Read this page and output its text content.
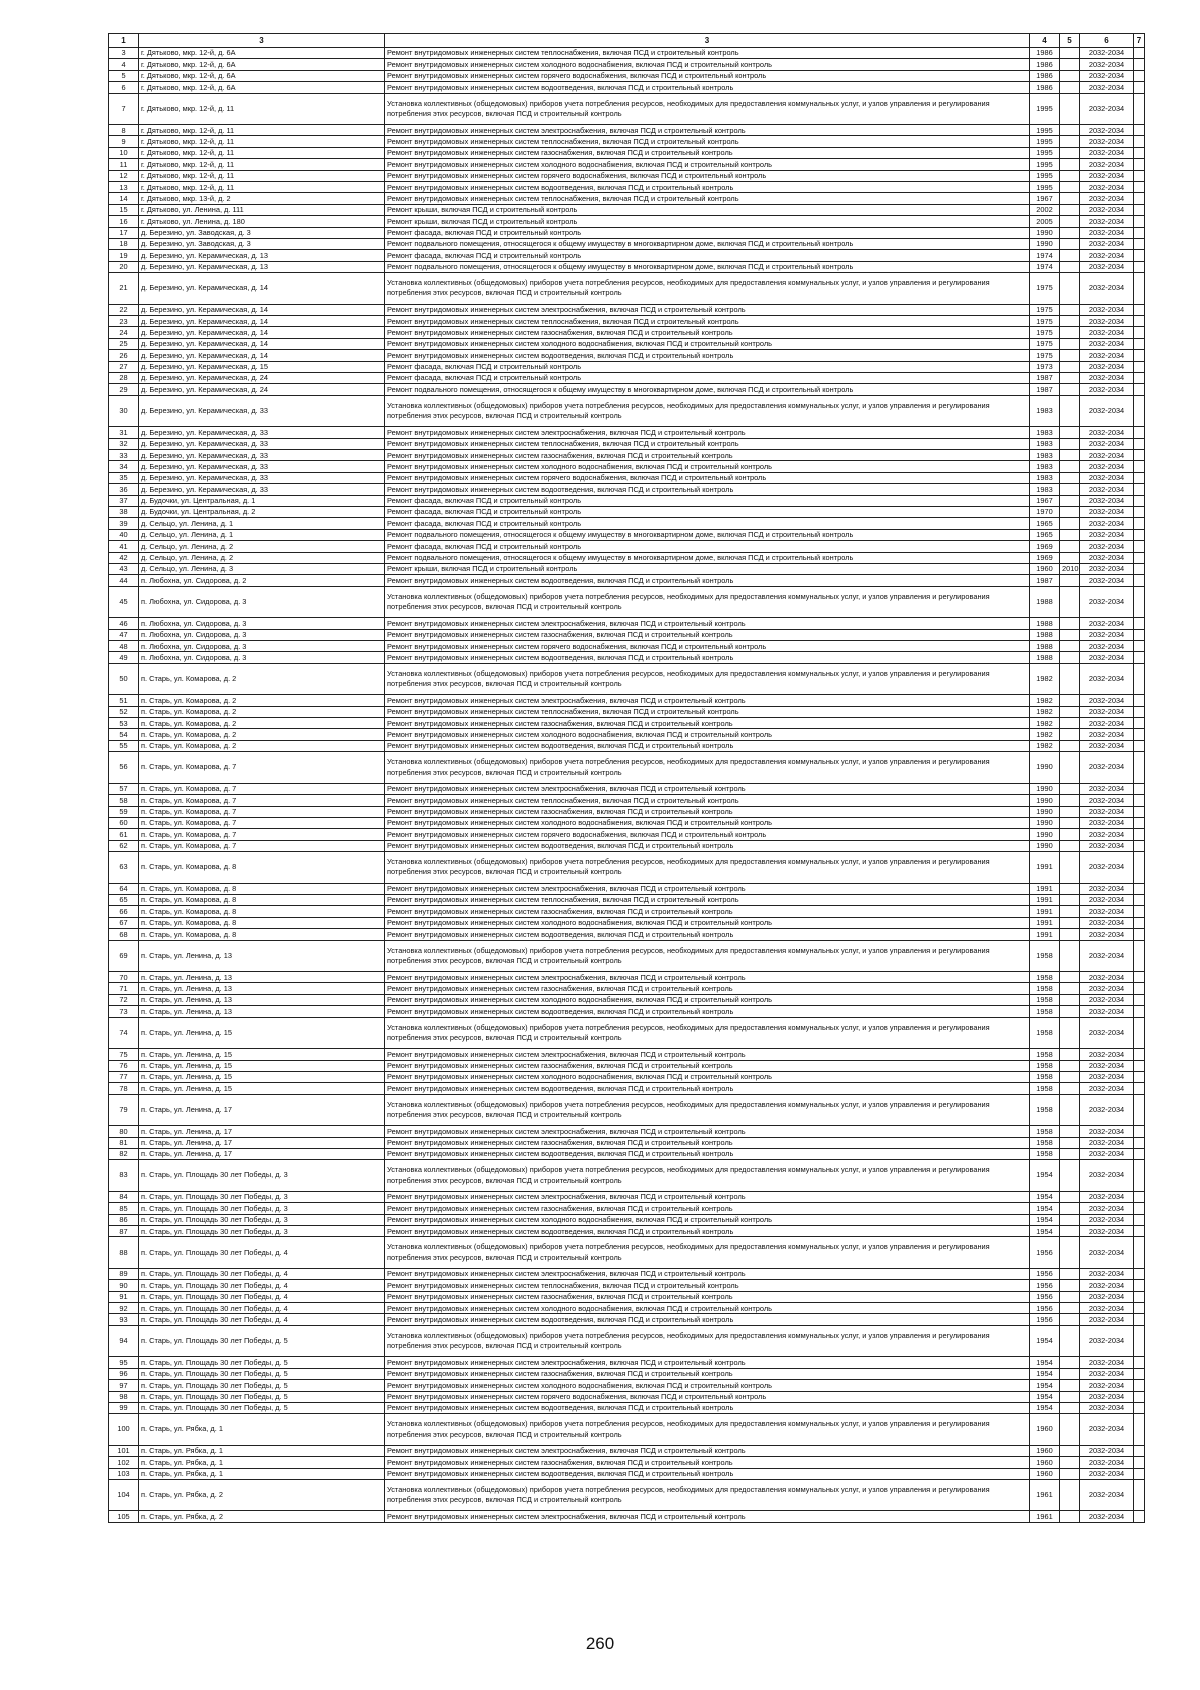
1	3	3	4	5	6	7
3	г. Дятьково, мкр. 12-й, д. 6А	Ремонт внутридомовых инженерных систем теплоснабжения, включая ПСД и строительный контроль	1986		2032-2034	
4	г. Дятьково, мкр. 12-й, д. 6А	Ремонт внутридомовых инженерных систем холодного водоснабжения, включая ПСД и строительный контроль	1986		2032-2034	
5	г. Дятьково, мкр. 12-й, д. 6А	Ремонт внутридомовых инженерных систем горячего водоснабжения, включая ПСД и строительный контроль	1986		2032-2034	
6	г. Дятьково, мкр. 12-й, д. 6А	Ремонт внутридомовых инженерных систем водоотведения, включая ПСД и строительный контроль	1986		2032-2034	
7	г. Дятьково, мкр. 12-й, д. 11	Установка коллективных (общедомовых) приборов учета потребления ресурсов, необходимых для предоставления коммунальных услуг, и узлов управления и регулирования потребления этих ресурсов, включая ПСД и строительный контроль	1995		2032-2034	
8	г. Дятьково, мкр. 12-й, д. 11	Ремонт внутридомовых инженерных систем электроснабжения, включая ПСД и строительный контроль	1995		2032-2034	
9	г. Дятьково, мкр. 12-й, д. 11	Ремонт внутридомовых инженерных систем теплоснабжения, включая ПСД и строительный контроль	1995		2032-2034	
10	г. Дятьково, мкр. 12-й, д. 11	Ремонт внутридомовых инженерных систем газоснабжения, включая ПСД и строительный контроль	1995		2032-2034	
11	г. Дятьково, мкр. 12-й, д. 11	Ремонт внутридомовых инженерных систем холодного водоснабжения, включая ПСД и строительный контроль	1995		2032-2034	
12	г. Дятьково, мкр. 12-й, д. 11	Ремонт внутридомовых инженерных систем горячего водоснабжения, включая ПСД и строительный контроль	1995		2032-2034	
13	г. Дятьково, мкр. 12-й, д. 11	Ремонт внутридомовых инженерных систем водоотведения, включая ПСД и строительный контроль	1995		2032-2034	
14	г. Дятьково, мкр. 13-й, д. 2	Ремонт внутридомовых инженерных систем теплоснабжения, включая ПСД и строительный контроль	1967		2032-2034	
15	г. Дятьково, ул. Ленина, д. 111	Ремонт крыши, включая ПСД и строительный контроль	2002		2032-2034	
16	г. Дятьково, ул. Ленина, д. 180	Ремонт крыши, включая ПСД и строительный контроль	2005		2032-2034	
17	д. Березино, ул. Заводская, д. 3	Ремонт фасада, включая ПСД и строительный контроль	1990		2032-2034	
18	д. Березино, ул. Заводская, д. 3	Ремонт подвального помещения, относящегося к общему имуществу в многоквартирном доме, включая ПСД и строительный контроль	1990		2032-2034	
19	д. Березино, ул. Керамическая, д. 13	Ремонт фасада, включая ПСД и строительный контроль	1974		2032-2034	
20	д. Березино, ул. Керамическая, д. 13	Ремонт подвального помещения, относящегося к общему имуществу в многоквартирном доме, включая ПСД и строительный контроль	1974		2032-2034	
21	д. Березино, ул. Керамическая, д. 14	Установка коллективных (общедомовых) приборов учета потребления ресурсов, необходимых для предоставления коммунальных услуг, и узлов управления и регулирования потребления этих ресурсов, включая ПСД и строительный контроль	1975		2032-2034	
22	д. Березино, ул. Керамическая, д. 14	Ремонт внутридомовых инженерных систем электроснабжения, включая ПСД и строительный контроль	1975		2032-2034	
23	д. Березино, ул. Керамическая, д. 14	Ремонт внутридомовых инженерных систем теплоснабжения, включая ПСД и строительный контроль	1975		2032-2034	
24	д. Березино, ул. Керамическая, д. 14	Ремонт внутридомовых инженерных систем газоснабжения, включая ПСД и строительный контроль	1975		2032-2034	
25	д. Березино, ул. Керамическая, д. 14	Ремонт внутридомовых инженерных систем холодного водоснабжения, включая ПСД и строительный контроль	1975		2032-2034	
26	д. Березино, ул. Керамическая, д. 14	Ремонт внутридомовых инженерных систем водоотведения, включая ПСД и строительный контроль	1975		2032-2034	
27	д. Березино, ул. Керамическая, д. 15	Ремонт фасада, включая ПСД и строительный контроль	1973		2032-2034	
28	д. Березино, ул. Керамическая, д. 24	Ремонт фасада, включая ПСД и строительный контроль	1987		2032-2034	
29	д. Березино, ул. Керамическая, д. 24	Ремонт подвального помещения, относящегося к общему имуществу в многоквартирном доме, включая ПСД и строительный контроль	1987		2032-2034	
30	д. Березино, ул. Керамическая, д. 33	Установка коллективных (общедомовых) приборов учета потребления ресурсов, необходимых для предоставления коммунальных услуг, и узлов управления и регулирования потребления этих ресурсов, включая ПСД и строительный контроль	1983		2032-2034	
31	д. Березино, ул. Керамическая, д. 33	Ремонт внутридомовых инженерных систем электроснабжения, включая ПСД и строительный контроль	1983		2032-2034	
32	д. Березино, ул. Керамическая, д. 33	Ремонт внутридомовых инженерных систем теплоснабжения, включая ПСД и строительный контроль	1983		2032-2034	
33	д. Березино, ул. Керамическая, д. 33	Ремонт внутридомовых инженерных систем газоснабжения, включая ПСД и строительный контроль	1983		2032-2034	
34	д. Березино, ул. Керамическая, д. 33	Ремонт внутридомовых инженерных систем холодного водоснабжения, включая ПСД и строительный контроль	1983		2032-2034	
35	д. Березино, ул. Керамическая, д. 33	Ремонт внутридомовых инженерных систем горячего водоснабжения, включая ПСД и строительный контроль	1983		2032-2034	
36	д. Березино, ул. Керамическая, д. 33	Ремонт внутридомовых инженерных систем водоотведения, включая ПСД и строительный контроль	1983		2032-2034	
37	д. Будочки, ул. Центральная, д. 1	Ремонт фасада, включая ПСД и строительный контроль	1967		2032-2034	
38	д. Будочки, ул. Центральная, д. 2	Ремонт фасада, включая ПСД и строительный контроль	1970		2032-2034	
39	д. Сельцо, ул. Ленина, д. 1	Ремонт фасада, включая ПСД и строительный контроль	1965		2032-2034	
40	д. Сельцо, ул. Ленина, д. 1	Ремонт подвального помещения, относящегося к общему имуществу в многоквартирном доме, включая ПСД и строительный контроль	1965		2032-2034	
41	д. Сельцо, ул. Ленина, д. 2	Ремонт фасада, включая ПСД и строительный контроль	1969		2032-2034	
42	д. Сельцо, ул. Ленина, д. 2	Ремонт подвального помещения, относящегося к общему имуществу в многоквартирном доме, включая ПСД и строительный контроль	1969		2032-2034	
43	д. Сельцо, ул. Ленина, д. 3	Ремонт крыши, включая ПСД и строительный контроль	1960	2010	2032-2034	
44	п. Любохна, ул. Сидорова, д. 2	Ремонт внутридомовых инженерных систем водоотведения, включая ПСД и строительный контроль	1987		2032-2034	
45	п. Любохна, ул. Сидорова, д. 3	Установка коллективных (общедомовых) приборов учета потребления ресурсов, необходимых для предоставления коммунальных услуг, и узлов управления и регулирования потребления этих ресурсов, включая ПСД и строительный контроль	1988		2032-2034	
46	п. Любохна, ул. Сидорова, д. 3	Ремонт внутридомовых инженерных систем электроснабжения, включая ПСД и строительный контроль	1988		2032-2034	
47	п. Любохна, ул. Сидорова, д. 3	Ремонт внутридомовых инженерных систем газоснабжения, включая ПСД и строительный контроль	1988		2032-2034	
48	п. Любохна, ул. Сидорова, д. 3	Ремонт внутридомовых инженерных систем горячего водоснабжения, включая ПСД и строительный контроль	1988		2032-2034	
49	п. Любохна, ул. Сидорова, д. 3	Ремонт внутридомовых инженерных систем водоотведения, включая ПСД и строительный контроль	1988		2032-2034	
50	п. Старь, ул. Комарова, д. 2	Установка коллективных (общедомовых) приборов учета потребления ресурсов, необходимых для предоставления коммунальных услуг, и узлов управления и регулирования потребления этих ресурсов, включая ПСД и строительный контроль	1982		2032-2034	
51	п. Старь, ул. Комарова, д. 2	Ремонт внутридомовых инженерных систем электроснабжения, включая ПСД и строительный контроль	1982		2032-2034	
52	п. Старь, ул. Комарова, д. 2	Ремонт внутридомовых инженерных систем теплоснабжения, включая ПСД и строительный контроль	1982		2032-2034	
53	п. Старь, ул. Комарова, д. 2	Ремонт внутридомовых инженерных систем газоснабжения, включая ПСД и строительный контроль	1982		2032-2034	
54	п. Старь, ул. Комарова, д. 2	Ремонт внутридомовых инженерных систем холодного водоснабжения, включая ПСД и строительный контроль	1982		2032-2034	
55	п. Старь, ул. Комарова, д. 2	Ремонт внутридомовых инженерных систем водоотведения, включая ПСД и строительный контроль	1982		2032-2034	
56	п. Старь, ул. Комарова, д. 7	Установка коллективных (общедомовых) приборов учета потребления ресурсов, необходимых для предоставления коммунальных услуг, и узлов управления и регулирования потребления этих ресурсов, включая ПСД и строительный контроль	1990		2032-2034	
57	п. Старь, ул. Комарова, д. 7	Ремонт внутридомовых инженерных систем электроснабжения, включая ПСД и строительный контроль	1990		2032-2034	
58	п. Старь, ул. Комарова, д. 7	Ремонт внутридомовых инженерных систем теплоснабжения, включая ПСД и строительный контроль	1990		2032-2034	
59	п. Старь, ул. Комарова, д. 7	Ремонт внутридомовых инженерных систем газоснабжения, включая ПСД и строительный контроль	1990		2032-2034	
60	п. Старь, ул. Комарова, д. 7	Ремонт внутридомовых инженерных систем холодного водоснабжения, включая ПСД и строительный контроль	1990		2032-2034	
61	п. Старь, ул. Комарова, д. 7	Ремонт внутридомовых инженерных систем горячего водоснабжения, включая ПСД и строительный контроль	1990		2032-2034	
62	п. Старь, ул. Комарова, д. 7	Ремонт внутридомовых инженерных систем водоотведения, включая ПСД и строительный контроль	1990		2032-2034	
63	п. Старь, ул. Комарова, д. 8	Установка коллективных (общедомовых) приборов учета потребления ресурсов, необходимых для предоставления коммунальных услуг, и узлов управления и регулирования потребления этих ресурсов, включая ПСД и строительный контроль	1991		2032-2034	
64	п. Старь, ул. Комарова, д. 8	Ремонт внутридомовых инженерных систем электроснабжения, включая ПСД и строительный контроль	1991		2032-2034	
65	п. Старь, ул. Комарова, д. 8	Ремонт внутридомовых инженерных систем теплоснабжения, включая ПСД и строительный контроль	1991		2032-2034	
66	п. Старь, ул. Комарова, д. 8	Ремонт внутридомовых инженерных систем газоснабжения, включая ПСД и строительный контроль	1991		2032-2034	
67	п. Старь, ул. Комарова, д. 8	Ремонт внутридомовых инженерных систем холодного водоснабжения, включая ПСД и строительный контроль	1991		2032-2034	
68	п. Старь, ул. Комарова, д. 8	Ремонт внутридомовых инженерных систем водоотведения, включая ПСД и строительный контроль	1991		2032-2034	
69	п. Старь, ул. Ленина, д. 13	Установка коллективных (общедомовых) приборов учета потребления ресурсов, необходимых для предоставления коммунальных услуг, и узлов управления и регулирования потребления этих ресурсов, включая ПСД и строительный контроль	1958		2032-2034	
70	п. Старь, ул. Ленина, д. 13	Ремонт внутридомовых инженерных систем электроснабжения, включая ПСД и строительный контроль	1958		2032-2034	
71	п. Старь, ул. Ленина, д. 13	Ремонт внутридомовых инженерных систем газоснабжения, включая ПСД и строительный контроль	1958		2032-2034	
72	п. Старь, ул. Ленина, д. 13	Ремонт внутридомовых инженерных систем холодного водоснабжения, включая ПСД и строительный контроль	1958		2032-2034	
73	п. Старь, ул. Ленина, д. 13	Ремонт внутридомовых инженерных систем водоотведения, включая ПСД и строительный контроль	1958		2032-2034	
74	п. Старь, ул. Ленина, д. 15	Установка коллективных (общедомовых) приборов учета потребления ресурсов, необходимых для предоставления коммунальных услуг, и узлов управления и регулирования потребления этих ресурсов, включая ПСД и строительный контроль	1958		2032-2034	
75	п. Старь, ул. Ленина, д. 15	Ремонт внутридомовых инженерных систем электроснабжения, включая ПСД и строительный контроль	1958		2032-2034	
76	п. Старь, ул. Ленина, д. 15	Ремонт внутридомовых инженерных систем газоснабжения, включая ПСД и строительный контроль	1958		2032-2034	
77	п. Старь, ул. Ленина, д. 15	Ремонт внутридомовых инженерных систем холодного водоснабжения, включая ПСД и строительный контроль	1958		2032-2034	
78	п. Старь, ул. Ленина, д. 15	Ремонт внутридомовых инженерных систем водоотведения, включая ПСД и строительный контроль	1958		2032-2034	
79	п. Старь, ул. Ленина, д. 17	Установка коллективных (общедомовых) приборов учета потребления ресурсов, необходимых для предоставления коммунальных услуг, и узлов управления и регулирования потребления этих ресурсов, включая ПСД и строительный контроль	1958		2032-2034	
80	п. Старь, ул. Ленина, д. 17	Ремонт внутридомовых инженерных систем электроснабжения, включая ПСД и строительный контроль	1958		2032-2034	
81	п. Старь, ул. Ленина, д. 17	Ремонт внутридомовых инженерных систем газоснабжения, включая ПСД и строительный контроль	1958		2032-2034	
82	п. Старь, ул. Ленина, д. 17	Ремонт внутридомовых инженерных систем водоотведения, включая ПСД и строительный контроль	1958		2032-2034	
83	п. Старь, ул. Площадь 30 лет Победы, д. 3	Установка коллективных (общедомовых) приборов учета потребления ресурсов, необходимых для предоставления коммунальных услуг, и узлов управления и регулирования потребления этих ресурсов, включая ПСД и строительный контроль	1954		2032-2034	
84	п. Старь, ул. Площадь 30 лет Победы, д. 3	Ремонт внутридомовых инженерных систем электроснабжения, включая ПСД и строительный контроль	1954		2032-2034	
85	п. Старь, ул. Площадь 30 лет Победы, д. 3	Ремонт внутридомовых инженерных систем газоснабжения, включая ПСД и строительный контроль	1954		2032-2034	
86	п. Старь, ул. Площадь 30 лет Победы, д. 3	Ремонт внутридомовых инженерных систем холодного водоснабжения, включая ПСД и строительный контроль	1954		2032-2034	
87	п. Старь, ул. Площадь 30 лет Победы, д. 3	Ремонт внутридомовых инженерных систем водоотведения, включая ПСД и строительный контроль	1954		2032-2034	
88	п. Старь, ул. Площадь 30 лет Победы, д. 4	Установка коллективных (общедомовых) приборов учета потребления ресурсов, необходимых для предоставления коммунальных услуг, и узлов управления и регулирования потребления этих ресурсов, включая ПСД и строительный контроль	1956		2032-2034	
89	п. Старь, ул. Площадь 30 лет Победы, д. 4	Ремонт внутридомовых инженерных систем электроснабжения, включая ПСД и строительный контроль	1956		2032-2034	
90	п. Старь, ул. Площадь 30 лет Победы, д. 4	Ремонт внутридомовых инженерных систем теплоснабжения, включая ПСД и строительный контроль	1956		2032-2034	
91	п. Старь, ул. Площадь 30 лет Победы, д. 4	Ремонт внутридомовых инженерных систем газоснабжения, включая ПСД и строительный контроль	1956		2032-2034	
92	п. Старь, ул. Площадь 30 лет Победы, д. 4	Ремонт внутридомовых инженерных систем холодного водоснабжения, включая ПСД и строительный контроль	1956		2032-2034	
93	п. Старь, ул. Площадь 30 лет Победы, д. 4	Ремонт внутридомовых инженерных систем водоотведения, включая ПСД и строительный контроль	1956		2032-2034	
94	п. Старь, ул. Площадь 30 лет Победы, д. 5	Установка коллективных (общедомовых) приборов учета потребления ресурсов, необходимых для предоставления коммунальных услуг, и узлов управления и регулирования потребления этих ресурсов, включая ПСД и строительный контроль	1954		2032-2034	
95	п. Старь, ул. Площадь 30 лет Победы, д. 5	Ремонт внутридомовых инженерных систем электроснабжения, включая ПСД и строительный контроль	1954		2032-2034	
96	п. Старь, ул. Площадь 30 лет Победы, д. 5	Ремонт внутридомовых инженерных систем газоснабжения, включая ПСД и строительный контроль	1954		2032-2034	
97	п. Старь, ул. Площадь 30 лет Победы, д. 5	Ремонт внутридомовых инженерных систем холодного водоснабжения, включая ПСД и строительный контроль	1954		2032-2034	
98	п. Старь, ул. Площадь 30 лет Победы, д. 5	Ремонт внутридомовых инженерных систем горячего водоснабжения, включая ПСД и строительный контроль	1954		2032-2034	
99	п. Старь, ул. Площадь 30 лет Победы, д. 5	Ремонт внутридомовых инженерных систем водоотведения, включая ПСД и строительный контроль	1954		2032-2034	
100	п. Старь, ул. Рябка, д. 1	Установка коллективных (общедомовых) приборов учета потребления ресурсов, необходимых для предоставления коммунальных услуг, и узлов управления и регулирования потребления этих ресурсов, включая ПСД и строительный контроль	1960		2032-2034	
101	п. Старь, ул. Рябка, д. 1	Ремонт внутридомовых инженерных систем электроснабжения, включая ПСД и строительный контроль	1960		2032-2034	
102	п. Старь, ул. Рябка, д. 1	Ремонт внутридомовых инженерных систем газоснабжения, включая ПСД и строительный контроль	1960		2032-2034	
103	п. Старь, ул. Рябка, д. 1	Ремонт внутридомовых инженерных систем водоотведения, включая ПСД и строительный контроль	1960		2032-2034	
104	п. Старь, ул. Рябка, д. 2	Установка коллективных (общедомовых) приборов учета потребления ресурсов, необходимых для предоставления коммунальных услуг, и узлов управления и регулирования потребления этих ресурсов, включая ПСД и строительный контроль	1961		2032-2034	
105	п. Старь, ул. Рябка, д. 2	Ремонт внутридомовых инженерных систем электроснабжения, включая ПСД и строительный контроль	1961		2032-2034	
260
